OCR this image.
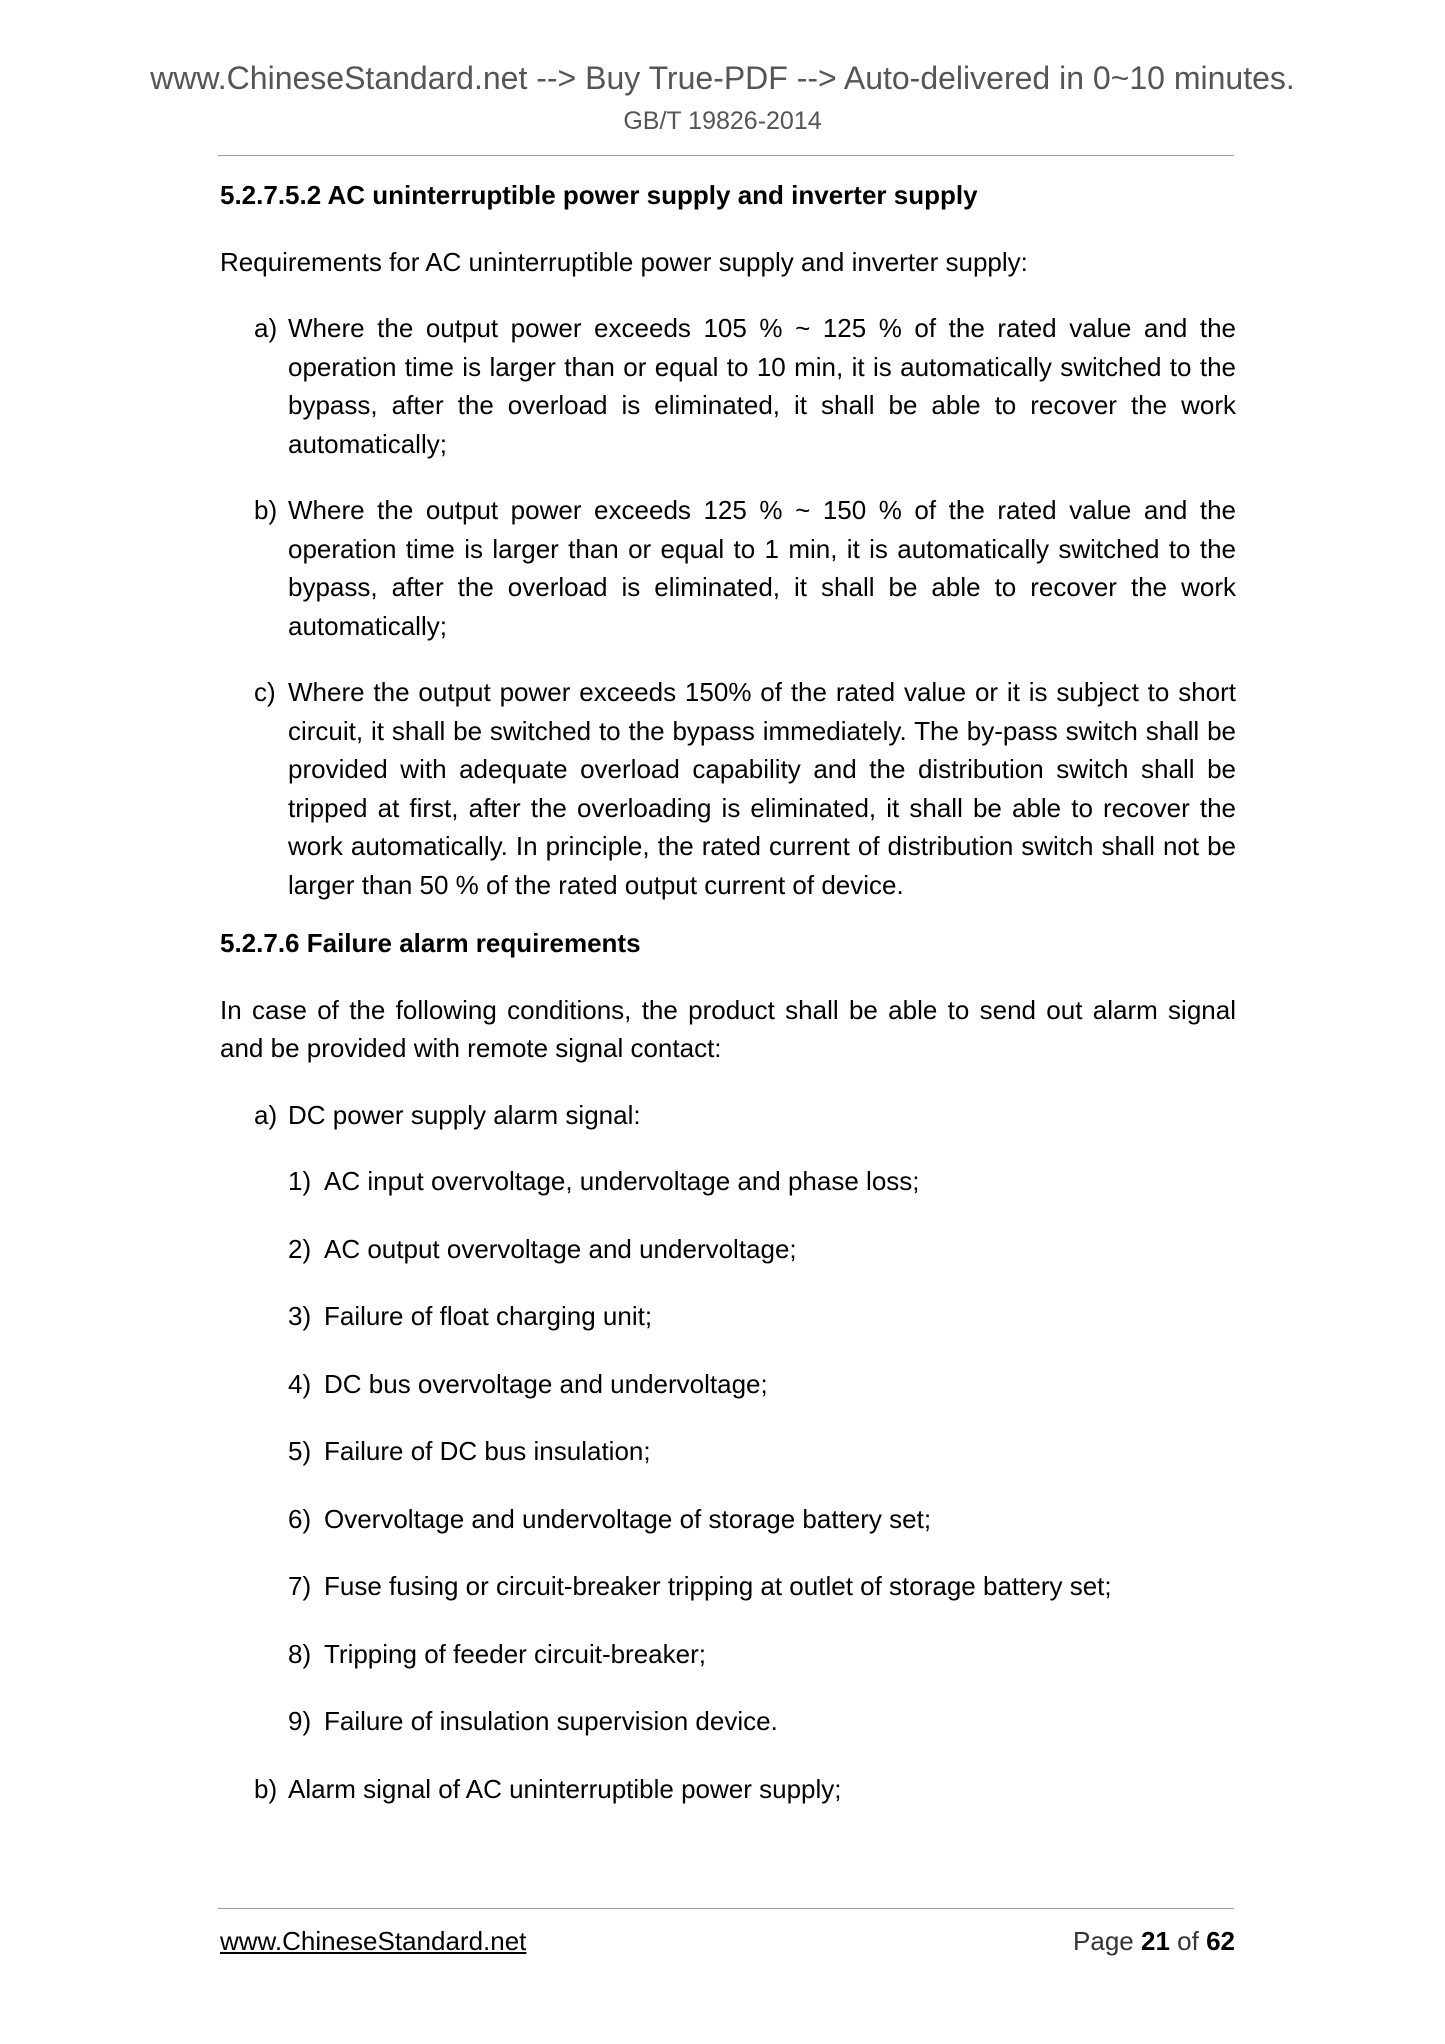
www.ChineseStandard.net --> Buy True-PDF --> Auto-delivered in 0~10 minutes.
GB/T 19826-2014
5.2.7.5.2 AC uninterruptible power supply and inverter supply
Requirements for AC uninterruptible power supply and inverter supply:
a) Where the output power exceeds 105 % ~ 125 % of the rated value and the operation time is larger than or equal to 10 min, it is automatically switched to the bypass, after the overload is eliminated, it shall be able to recover the work automatically;
b) Where the output power exceeds 125 % ~ 150 % of the rated value and the operation time is larger than or equal to 1 min, it is automatically switched to the bypass, after the overload is eliminated, it shall be able to recover the work automatically;
c) Where the output power exceeds 150% of the rated value or it is subject to short circuit, it shall be switched to the bypass immediately. The by-pass switch shall be provided with adequate overload capability and the distribution switch shall be tripped at first, after the overloading is eliminated, it shall be able to recover the work automatically. In principle, the rated current of distribution switch shall not be larger than 50 % of the rated output current of device.
5.2.7.6 Failure alarm requirements
In case of the following conditions, the product shall be able to send out alarm signal and be provided with remote signal contact:
a) DC power supply alarm signal:
1) AC input overvoltage, undervoltage and phase loss;
2) AC output overvoltage and undervoltage;
3) Failure of float charging unit;
4) DC bus overvoltage and undervoltage;
5) Failure of DC bus insulation;
6) Overvoltage and undervoltage of storage battery set;
7) Fuse fusing or circuit-breaker tripping at outlet of storage battery set;
8) Tripping of feeder circuit-breaker;
9) Failure of insulation supervision device.
b) Alarm signal of AC uninterruptible power supply;
www.ChineseStandard.net	Page 21 of 62
